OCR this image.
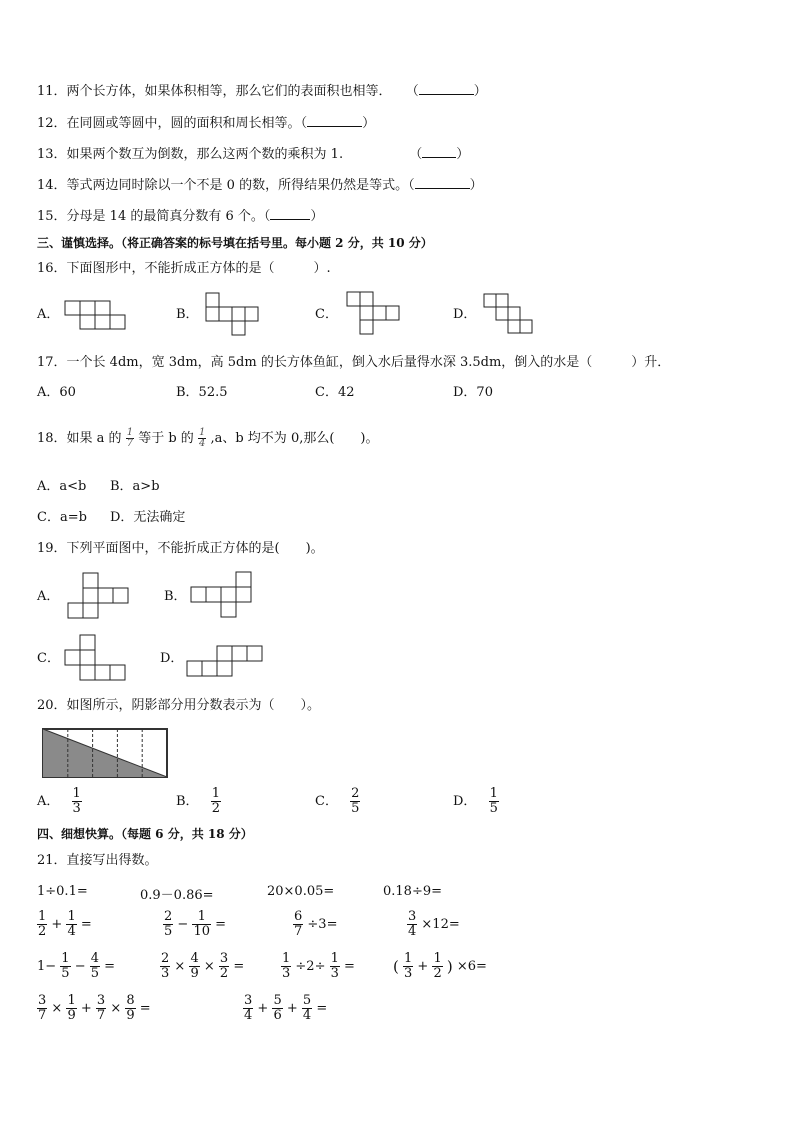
11．两个长方体，如果体积相等，那么它们的表面积也相等． （	）
12．在同圆或等圆中，圆的面积和周长相等。（	）
13．如果两个数互为倒数，那么这两个数的乘积为 1.	（	）
14．等式两边同时除以一个不是 0 的数，所得结果仍然是等式。（	）
15．分母是 14 的最简真分数有 6 个。（	）
三、谨慎选择。（将正确答案的标号填在括号里。每小题 2 分，共 10 分）
16．下面图形中，不能折成正方体的是（　　　）.
A．	B．	C．	D．
17．一个长 4dm，宽 3dm，高 5dm 的长方体鱼缸，倒入水后量得水深 3.5dm，倒入的水是（　　　）升．
A．60	B．52.5	C．42	D．70
18．如果 a 的 $\frac{1}{7}$ 等于 b 的 $\frac{1}{4} ,a$、b 均不为 0,那么(　　)。
A．a<b B．a>b
C．a=b D．无法确定
19．下列平面图中，不能折成正方体的是(　　)。
A．	B．
C．	D．
20．如图所示，阴影部分用分数表示为（　　）。
A． $\frac{1}{3}$	B． $\frac{1}{2}$	C． $\frac{2}{5}$	D． $\frac{1}{5}$
四、细想快算。（每题 6 分，共 18 分）
21．直接写出得数。
1÷0.1=	0.9－0.86=	20×0.05=	0.18÷9=
$\frac{1}{2} + \frac{1}{4}$ =	$\frac{2}{5} - \frac{1}{10}$ =	$\frac{6}{7} \div 3=$	$\frac{3}{4} \times 12=$
$1- \frac{1}{5} - \frac{4}{5}$ =	$\frac{2}{3} \times \frac{4}{9} \times \frac{3}{2}$ =	$\frac{1}{3} \div 2\div \frac{1}{3}$ =	( $\frac{1}{3} + \frac{1}{2}$ ) ×6=
$\frac{3}{7} \times \frac{1}{9} + \frac{3}{7} \times \frac{8}{9}$ =	$\frac{3}{4} + \frac{5}{6} + \frac{5}{4}$ =
